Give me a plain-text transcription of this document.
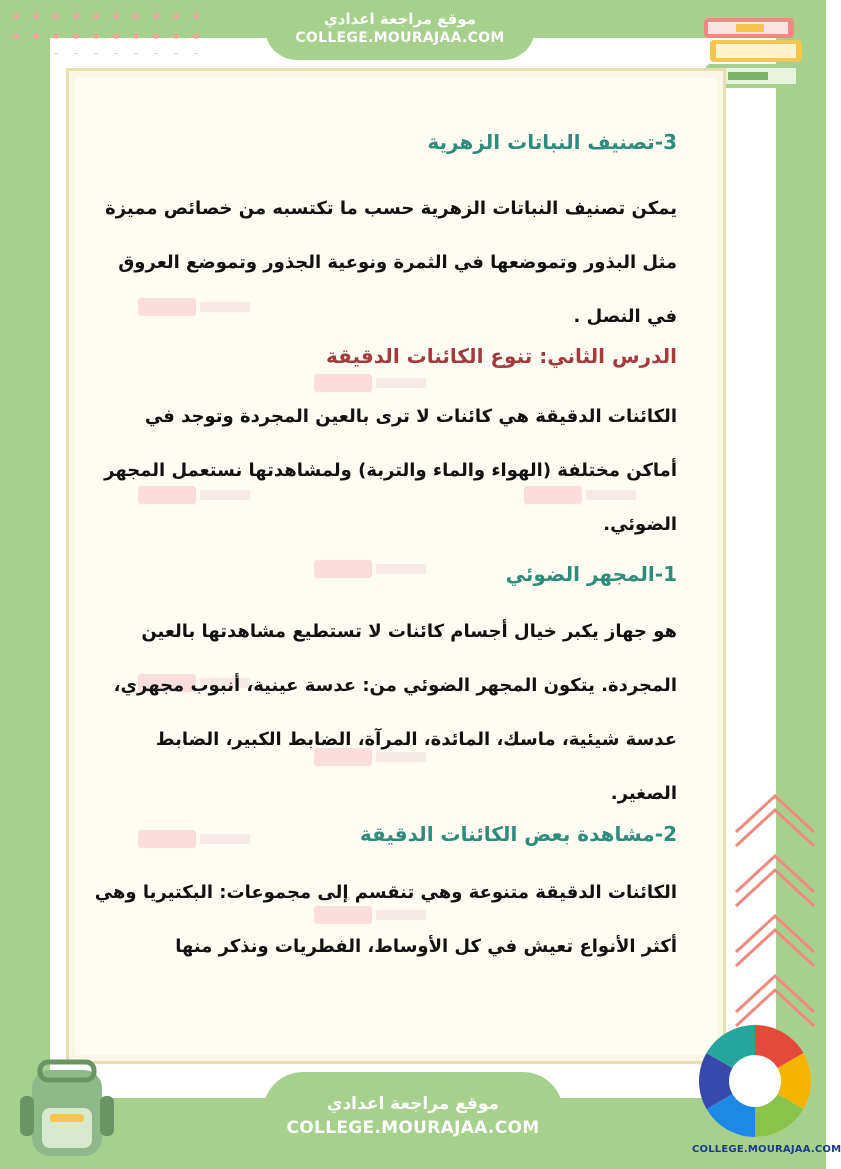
موقع مراجعة اعدادي
COLLEGE.MOURAJAA.COM
3-تصنيف النباتات الزهرية

يمكن تصنيف النباتات الزهرية حسب ما تكتسبه من خصائص مميزة مثل البذور وتموضعها في الثمرة ونوعية الجذور وتموضع العروق في النصل .

الدرس الثاني: تنوع الكائنات الدقيقة

الكائنات الدقيقة هي كائنات لا ترى بالعين المجردة وتوجد في أماكن مختلفة (الهواء والماء والتربة) ولمشاهدتها نستعمل المجهر الضوئي.

1-المجهر الضوئي

هو جهاز يكبر خيال أجسام كائنات لا تستطيع مشاهدتها بالعين المجردة. يتكون المجهر الضوئي من: عدسة عينية، أنبوب مجهري، عدسة شيئية، ماسك، المائدة، المرآة، الضابط الكبير، الضابط الصغير.

2-مشاهدة بعض الكائنات الدقيقة

الكائنات الدقيقة متنوعة وهي تنقسم إلى مجموعات: البكتيريا وهي أكثر الأنواع تعيش في كل الأوساط، الفطريات ونذكر منها

موقع مراجعة اعدادي
COLLEGE.MOURAJAA.COM
COLLEGE.MOURAJAA.COM
